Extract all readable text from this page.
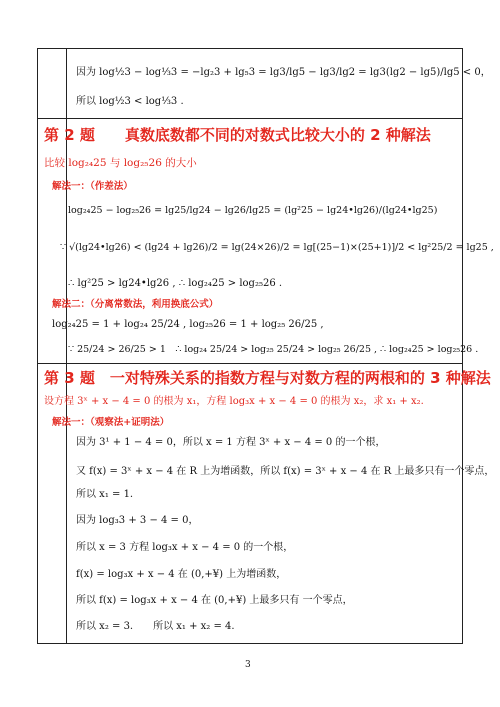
因为 log½3 − log⅓3 = −lg₂3 + lg₅3 = lg3/lg5 − lg3/lg2 = lg3(lg2 − lg5)/lg5 < 0，
所以 log½3 < log⅓3 .
第 2 题　　真数底数都不同的对数式比较大小的 2 种解法
比较 log₂₄25 与 log₂₅26 的大小
解法一：（作差法）
log₂₄25 − log₂₅26 = lg25/lg24 − lg26/lg25 = (lg²25 − lg24•lg26)/(lg24•lg25)
∵ √(lg24•lg26) < (lg24 + lg26)/2 = lg(24×26)/2 = lg[(25−1)×(25+1)]/2 < lg²25/2 = lg25 ,
∴ lg²25 > lg24•lg26 , ∴ log₂₄25 > log₂₅26 .
解法二：（分离常数法，利用换底公式）
log₂₄25 = 1 + log₂₄ 25/24 , log₂₅26 = 1 + log₂₅ 26/25 ,
∵ 25/24 > 26/25 > 1　∴ log₂₄ 25/24 > log₂₅ 25/24 > log₂₅ 26/25 , ∴ log₂₄25 > log₂₅26 .
第 3 题　一对特殊关系的指数方程与对数方程的两根和的 3 种解法
设方程 3ˣ + x − 4 = 0 的根为 x₁，方程 log₃x + x − 4 = 0 的根为 x₂，求 x₁ + x₂.
解法一：（观察法+证明法）
因为 3¹ + 1 − 4 = 0，所以 x = 1 方程 3ˣ + x − 4 = 0 的一个根，
又 f(x) = 3ˣ + x − 4 在 R 上为增函数，所以 f(x) = 3ˣ + x − 4 在 R 上最多只有一个零点，
所以 x₁ = 1.
因为 log₃3 + 3 − 4 = 0，
所以 x = 3 方程 log₃x + x − 4 = 0 的一个根，
f(x) = log₃x + x − 4 在 (0,+¥) 上为增函数，
所以 f(x) = log₃x + x − 4 在 (0,+¥) 上最多只有 一个零点，
所以 x₂ = 3.　　所以 x₁ + x₂ = 4.
3
